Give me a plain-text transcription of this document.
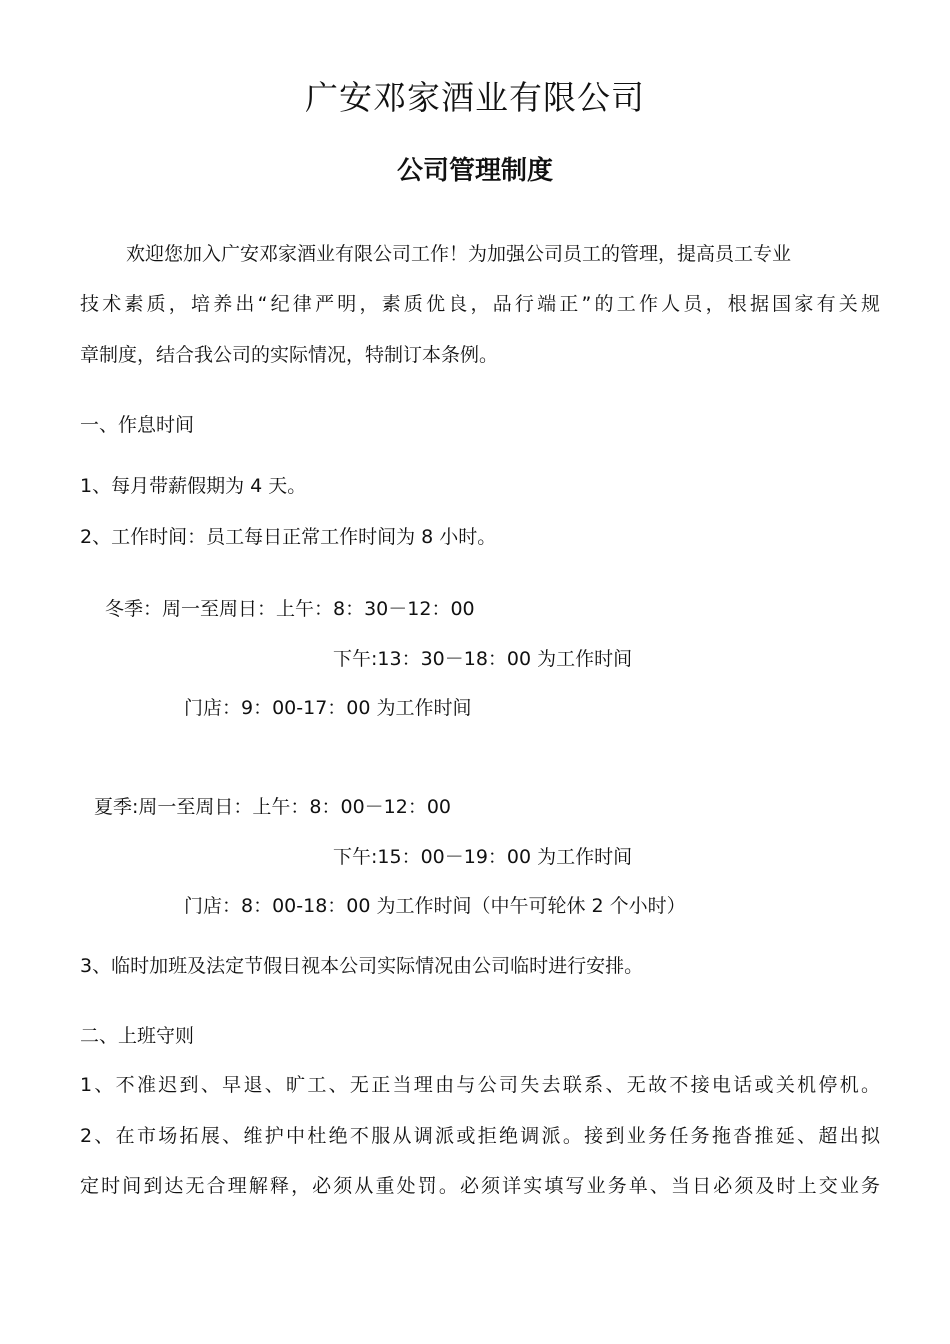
广安邓家酒业有限公司
公司管理制度
欢迎您加入广安邓家酒业有限公司工作！为加强公司员工的管理，提高员工专业
技术素质，培养出“纪律严明，素质优良，品行端正”的工作人员，根据国家有关规
章制度，结合我公司的实际情况，特制订本条例。
一、作息时间
1、每月带薪假期为 4 天。
2、工作时间：员工每日正常工作时间为 8 小时。
冬季：周一至周日：上午：8：30－12：00
下午:13：30－18：00 为工作时间
门店：9：00-17：00 为工作时间
夏季:周一至周日：上午：8：00－12：00
下午:15：00－19：00 为工作时间
门店：8：00-18：00 为工作时间（中午可轮休 2 个小时）
3、临时加班及法定节假日视本公司实际情况由公司临时进行安排。
二、上班守则
1、不准迟到、早退、旷工、无正当理由与公司失去联系、无故不接电话或关机停机。
2、在市场拓展、维护中杜绝不服从调派或拒绝调派。接到业务任务拖沓推延、超出拟
定时间到达无合理解释，必须从重处罚。必须详实填写业务单、当日必须及时上交业务
